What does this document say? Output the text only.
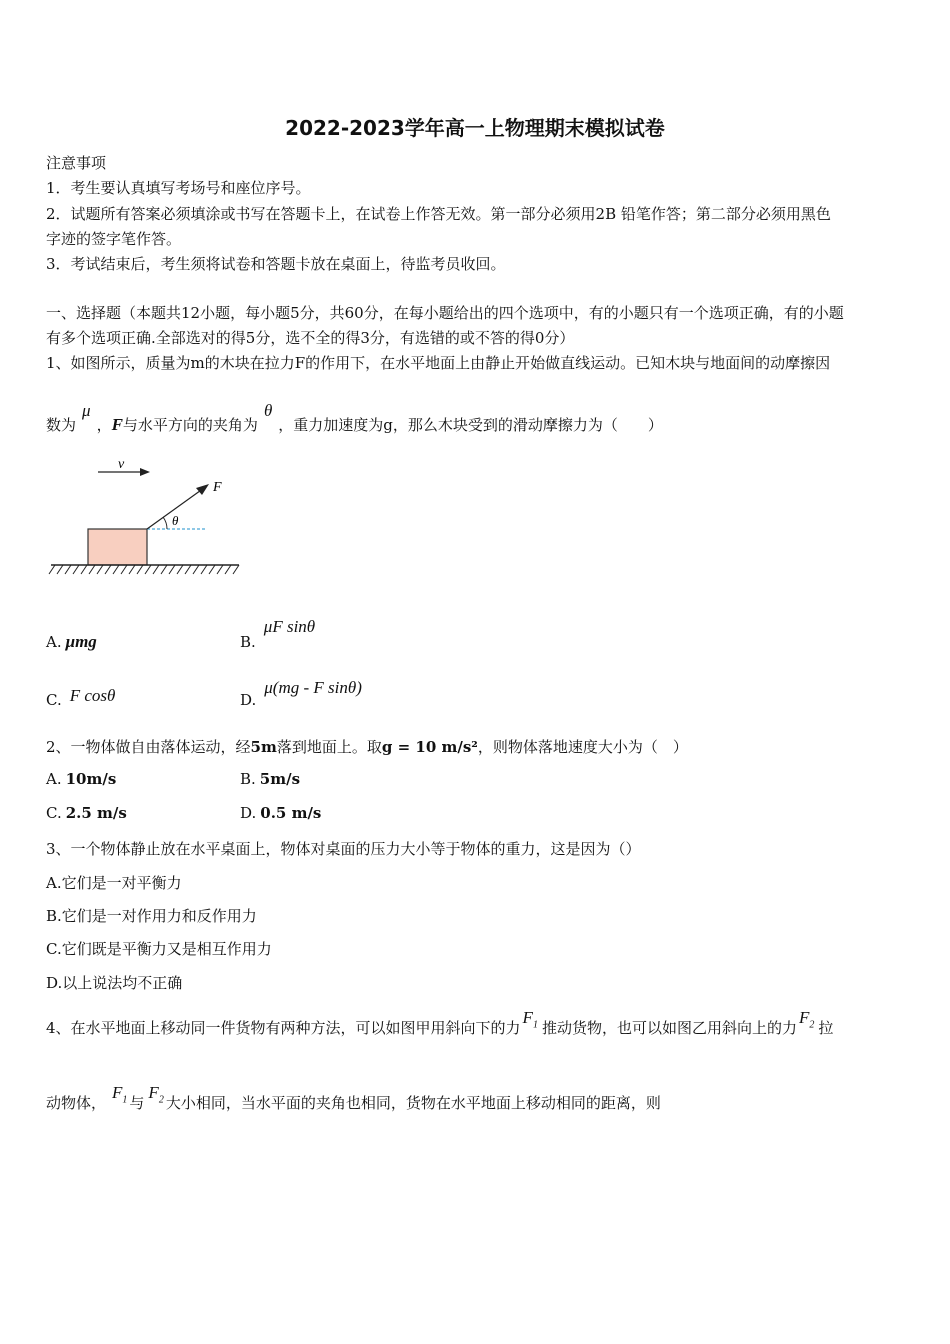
2022-2023学年高一上物理期末模拟试卷
注意事项
1．考生要认真填写考场号和座位序号。
2．试题所有答案必须填涂或书写在答题卡上，在试卷上作答无效。第一部分必须用2B 铅笔作答；第二部分必须用黑色
字迹的签字笔作答。
3．考试结束后，考生须将试卷和答题卡放在桌面上，待监考员收回。
一、选择题（本题共12小题，每小题5分，共60分，在每小题给出的四个选项中，有的小题只有一个选项正确，有的小题
有多个选项正确.全部选对的得5分，选不全的得3分，有选错的或不答的得0分）
1、如图所示，质量为m的木块在拉力F的作用下，在水平地面上由静止开始做直线运动。已知木块与地面间的动摩擦因
数为μ，F与水平方向的夹角为θ，重力加速度为g，那么木块受到的滑动摩擦力为（　　）
v
F
θ
A. μmg	B.μF sinθ
C. F cosθ	D.μ(mg - F sinθ)
2、一物体做自由落体运动，经5m落到地面上。取g = 10 m/s²，则物体落地速度大小为（　）
A. 10m/s	B. 5m/s
C. 2.5 m/s	D. 0.5 m/s
3、一个物体静止放在水平桌面上，物体对桌面的压力大小等于物体的重力，这是因为（）
A.它们是一对平衡力
B.它们是一对作用力和反作用力
C.它们既是平衡力又是相互作用力
D.以上说法均不正确
4、在水平地面上移动同一件货物有两种方法，可以如图甲用斜向下的力$F_1$ 推动货物，也可以如图乙用斜向上的力$F_2$ 拉
动物体，$F_1$ 与$F_2$ 大小相同，当水平面的夹角也相同，货物在水平地面上移动相同的距离，则
